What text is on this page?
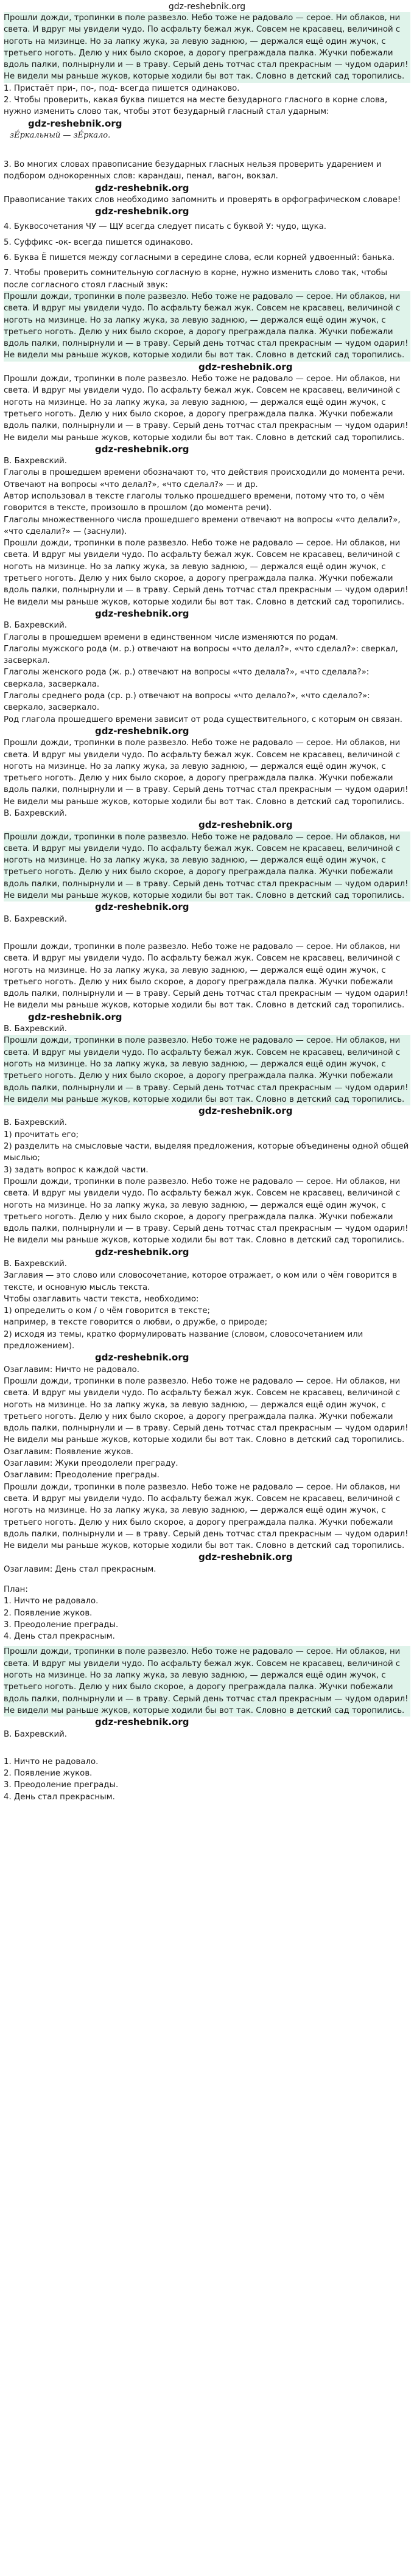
gdz-reshebnik.org

Прошли дожди, тропинки в поле развезло. Небо тоже не радовало — серое. Ни облаков, ни света. И вдруг мы увидели чудо. По асфальту бежал жук. Совсем не красавец, величиной с ноготь на мизинце. Но за лапку жука, за левую заднюю, — держался ещё один жучок, с третьего ноготь. Делю у них было скорое, а дорогу преграждала палка. Жучки побежали вдоль палки, полнырнули и — в траву. Серый день тотчас стал прекрасным — чудом одарил! Не видели мы раньше жуков, которые ходили бы вот так. Словно в детский сад торопились.

1. Пристаёт при-, по-, под- всегда пишется одинаково.

2. Чтобы проверить, какая буква пишется на месте безударного гласного в корне слова, нужно изменить слово так, чтобы этот безударный гласный стал ударным:

gdz-reshebnik.org
зЕ́ркальный — зЕ́ркало.

3. Во многих словах правописание безударных гласных нельзя проверить ударением и подбором однокоренных слов: карандаш, пенал, вагон, вокзал.

gdz-reshebnik.org

Правописание таких слов необходимо запомнить и проверять в орфографическом словаре!

gdz-reshebnik.org

4. Буквосочетания ЧУ — ЩУ всегда следует писать с буквой У: чудо, щука.

5. Суффикс -ок- всегда пишется одинаково.

6. Буква Ё пишется между согласными в середине слова, если корней удвоенный: банька.

7. Чтобы проверить сомнительную согласную в корне, нужно изменить слово так, чтобы после согласного стоял гласный звук:

Прошли дожди, тропинки в поле развезло. Небо тоже не радовало — серое. Ни облаков, ни света. И вдруг мы увидели чудо. По асфальту бежал жук. Совсем не красавец, величиной с ноготь на мизинце. Но за лапку жука, за левую заднюю, — держался ещё один жучок, с третьего ноготь. Делю у них было скорое, а дорогу преграждала палка. Жучки побежали вдоль палки, полнырнули и — в траву. Серый день тотчас стал прекрасным — чудом одарил! Не видели мы раньше жуков, которые ходили бы вот так. Словно в детский сад торопились.

gdz-reshebnik.org

Прошли дожди, тропинки в поле развезло. Небо тоже не радовало — серое. Ни облаков, ни света. И вдруг мы увидели чудо. По асфальту бежал жук. Совсем не красавец, величиной с ноготь на мизинце. Но за лапку жука, за левую заднюю, — держался ещё один жучок, с третьего ноготь. Делю у них было скорое, а дорогу преграждала палка. Жучки побежали вдоль палки, полнырнули и — в траву. Серый день тотчас стал прекрасным — чудом одарил! Не видели мы раньше жуков, которые ходили бы вот так. Словно в детский сад торопились.

gdz-reshebnik.org

В. Бахревский.

Глаголы в прошедшем времени обозначают то, что действия происходили до момента речи. Отвечают на вопросы «что делал?», «что сделал?» — и др.

Автор использовал в тексте глаголы только прошедшего времени, потому что то, о чём говорится в тексте, произошло в прошлом (до момента речи).

Глаголы множественного числа прошедшего времени отвечают на вопросы «что делали?», «что сделали?» — (заснули).

Прошли дожди, тропинки в поле развезло. Небо тоже не радовало — серое. Ни облаков, ни света. И вдруг мы увидели чудо. По асфальту бежал жук. Совсем не красавец, величиной с ноготь на мизинце. Но за лапку жука, за левую заднюю, — держался ещё один жучок, с третьего ноготь. Делю у них было скорое, а дорогу преграждала палка. Жучки побежали вдоль палки, полнырнули и — в траву. Серый день тотчас стал прекрасным — чудом одарил! Не видели мы раньше жуков, которые ходили бы вот так. Словно в детский сад торопились.

gdz-reshebnik.org

В. Бахревский.

Глаголы в прошедшем времени в единственном числе изменяются по родам.

Глаголы мужского рода (м. р.) отвечают на вопросы «что делал?», «что сделал?»: сверкал, засверкал.

Глаголы женского рода (ж. р.) отвечают на вопросы «что делала?», «что сделала?»: сверкала, засверкала.

Глаголы среднего рода (ср. р.) отвечают на вопросы «что делало?», «что сделало?»: сверкало, засверкало.

Род глагола прошедшего времени зависит от рода существительного, с которым он связан.

gdz-reshebnik.org

Прошли дожди, тропинки в поле развезло. Небо тоже не радовало — серое. Ни облаков, ни света. И вдруг мы увидели чудо. По асфальту бежал жук. Совсем не красавец, величиной с ноготь на мизинце. Но за лапку жука, за левую заднюю, — держался ещё один жучок, с третьего ноготь. Делю у них было скорое, а дорогу преграждала палка. Жучки побежали вдоль палки, полнырнули и — в траву. Серый день тотчас стал прекрасным — чудом одарил! Не видели мы раньше жуков, которые ходили бы вот так. Словно в детский сад торопились.

В. Бахревский.

gdz-reshebnik.org

Прошли дожди, тропинки в поле развезло. Небо тоже не радовало — серое. Ни облаков, ни света. И вдруг мы увидели чудо. По асфальту бежал жук. Совсем не красавец, величиной с ноготь на мизинце. Но за лапку жука, за левую заднюю, — держался ещё один жучок, с третьего ноготь. Делю у них было скорое, а дорогу преграждала палка. Жучки побежали вдоль палки, полнырнули и — в траву. Серый день тотчас стал прекрасным — чудом одарил! Не видели мы раньше жуков, которые ходили бы вот так. Словно в детский сад торопились.

gdz-reshebnik.org

В. Бахревский.

Прошли дожди, тропинки в поле развезло. Небо тоже не радовало — серое. Ни облаков, ни света. И вдруг мы увидели чудо. По асфальту бежал жук. Совсем не красавец, величиной с ноготь на мизинце. Но за лапку жука, за левую заднюю, — держался ещё один жучок, с третьего ноготь. Делю у них было скорое, а дорогу преграждала палка. Жучки побежали вдоль палки, полнырнули и — в траву. Серый день тотчас стал прекрасным — чудом одарил! Не видели мы раньше жуков, которые ходили бы вот так. Словно в детский сад торопились.

gdz-reshebnik.org

В. Бахревский.

Прошли дожди, тропинки в поле развезло. Небо тоже не радовало — серое. Ни облаков, ни света. И вдруг мы увидели чудо. По асфальту бежал жук. Совсем не красавец, величиной с ноготь на мизинце. Но за лапку жука, за левую заднюю, — держался ещё один жучок, с третьего ноготь. Делю у них было скорое, а дорогу преграждала палка. Жучки побежали вдоль палки, полнырнули и — в траву. Серый день тотчас стал прекрасным — чудом одарил! Не видели мы раньше жуков, которые ходили бы вот так. Словно в детский сад торопились.

gdz-reshebnik.org

В. Бахревский.

1) прочитать его;

2) разделить на смысловые части, выделяя предложения, которые объединены одной общей мыслью;

3) задать вопрос к каждой части.

Прошли дожди, тропинки в поле развезло. Небо тоже не радовало — серое. Ни облаков, ни света. И вдруг мы увидели чудо. По асфальту бежал жук. Совсем не красавец, величиной с ноготь на мизинце. Но за лапку жука, за левую заднюю, — держался ещё один жучок, с третьего ноготь. Делю у них было скорое, а дорогу преграждала палка. Жучки побежали вдоль палки, полнырнули и — в траву. Серый день тотчас стал прекрасным — чудом одарил! Не видели мы раньше жуков, которые ходили бы вот так. Словно в детский сад торопились.

gdz-reshebnik.org

В. Бахревский.

Заглавия — это слово или словосочетание, которое отражает, о ком или о чём говорится в тексте, и основную мысль текста.

Чтобы озаглавить части текста, необходимо:

1) определить о ком / о чём говорится в тексте;

например, в тексте говорится о любви, о дружбе, о природе;

2) исходя из темы, кратко формулировать название (словом, словосочетанием или предложением).

gdz-reshebnik.org

Озаглавим: Ничто не радовало.

Прошли дожди, тропинки в поле развезло. Небо тоже не радовало — серое. Ни облаков, ни света. И вдруг мы увидели чудо. По асфальту бежал жук. Совсем не красавец, величиной с ноготь на мизинце. Но за лапку жука, за левую заднюю, — держался ещё один жучок, с третьего ноготь. Делю у них было скорое, а дорогу преграждала палка. Жучки побежали вдоль палки, полнырнули и — в траву. Серый день тотчас стал прекрасным — чудом одарил! Не видели мы раньше жуков, которые ходили бы вот так. Словно в детский сад торопились.

Озаглавим: Появление жуков.

Озаглавим: Жуки преодолели преграду.

Озаглавим: Преодоление преграды.

Прошли дожди, тропинки в поле развезло. Небо тоже не радовало — серое. Ни облаков, ни света. И вдруг мы увидели чудо. По асфальту бежал жук. Совсем не красавец, величиной с ноготь на мизинце. Но за лапку жука, за левую заднюю, — держался ещё один жучок, с третьего ноготь. Делю у них было скорое, а дорогу преграждала палка. Жучки побежали вдоль палки, полнырнули и — в траву. Серый день тотчас стал прекрасным — чудом одарил! Не видели мы раньше жуков, которые ходили бы вот так. Словно в детский сад торопились.

gdz-reshebnik.org

Озаглавим: День стал прекрасным.

План:

1. Ничто не радовало.

2. Появление жуков.

3. Преодоление преграды.

4. День стал прекрасным.

Прошли дожди, тропинки в поле развезло. Небо тоже не радовало — серое. Ни облаков, ни света. И вдруг мы увидели чудо. По асфальту бежал жук. Совсем не красавец, величиной с ноготь на мизинце. Но за лапку жука, за левую заднюю, — держался ещё один жучок, с третьего ноготь. Делю у них было скорое, а дорогу преграждала палка. Жучки побежали вдоль палки, полнырнули и — в траву. Серый день тотчас стал прекрасным — чудом одарил! Не видели мы раньше жуков, которые ходили бы вот так. Словно в детский сад торопились.

gdz-reshebnik.org

В. Бахревский.

1. Ничто не радовало.

2. Появление жуков.

3. Преодоление преграды.

4. День стал прекрасным.
